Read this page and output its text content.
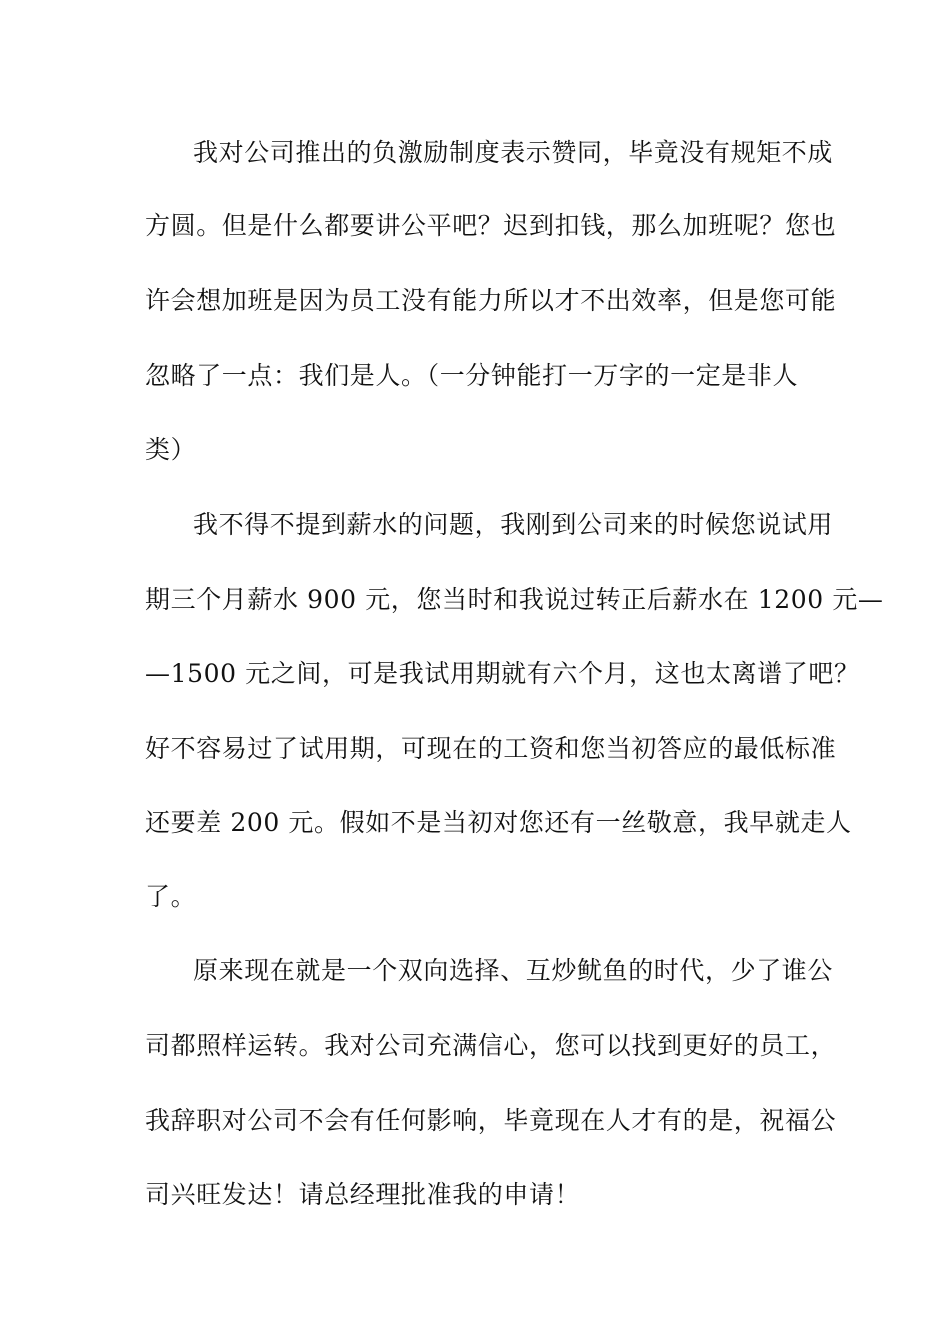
我对公司推出的负激励制度表示赞同，毕竟没有规矩不成
方圆。但是什么都要讲公平吧？迟到扣钱，那么加班呢？您也
许会想加班是因为员工没有能力所以才不出效率，但是您可能
忽略了一点：我们是人。（一分钟能打一万字的一定是非人
类）
我不得不提到薪水的问题，我刚到公司来的时候您说试用
期三个月薪水 900 元，您当时和我说过转正后薪水在 1200 元—
—1500 元之间，可是我试用期就有六个月，这也太离谱了吧？
好不容易过了试用期，可现在的工资和您当初答应的最低标准
还要差 200 元。假如不是当初对您还有一丝敬意，我早就走人
了。
原来现在就是一个双向选择、互炒鱿鱼的时代，少了谁公
司都照样运转。我对公司充满信心，您可以找到更好的员工，
我辞职对公司不会有任何影响，毕竟现在人才有的是，祝福公
司兴旺发达！请总经理批准我的申请！
